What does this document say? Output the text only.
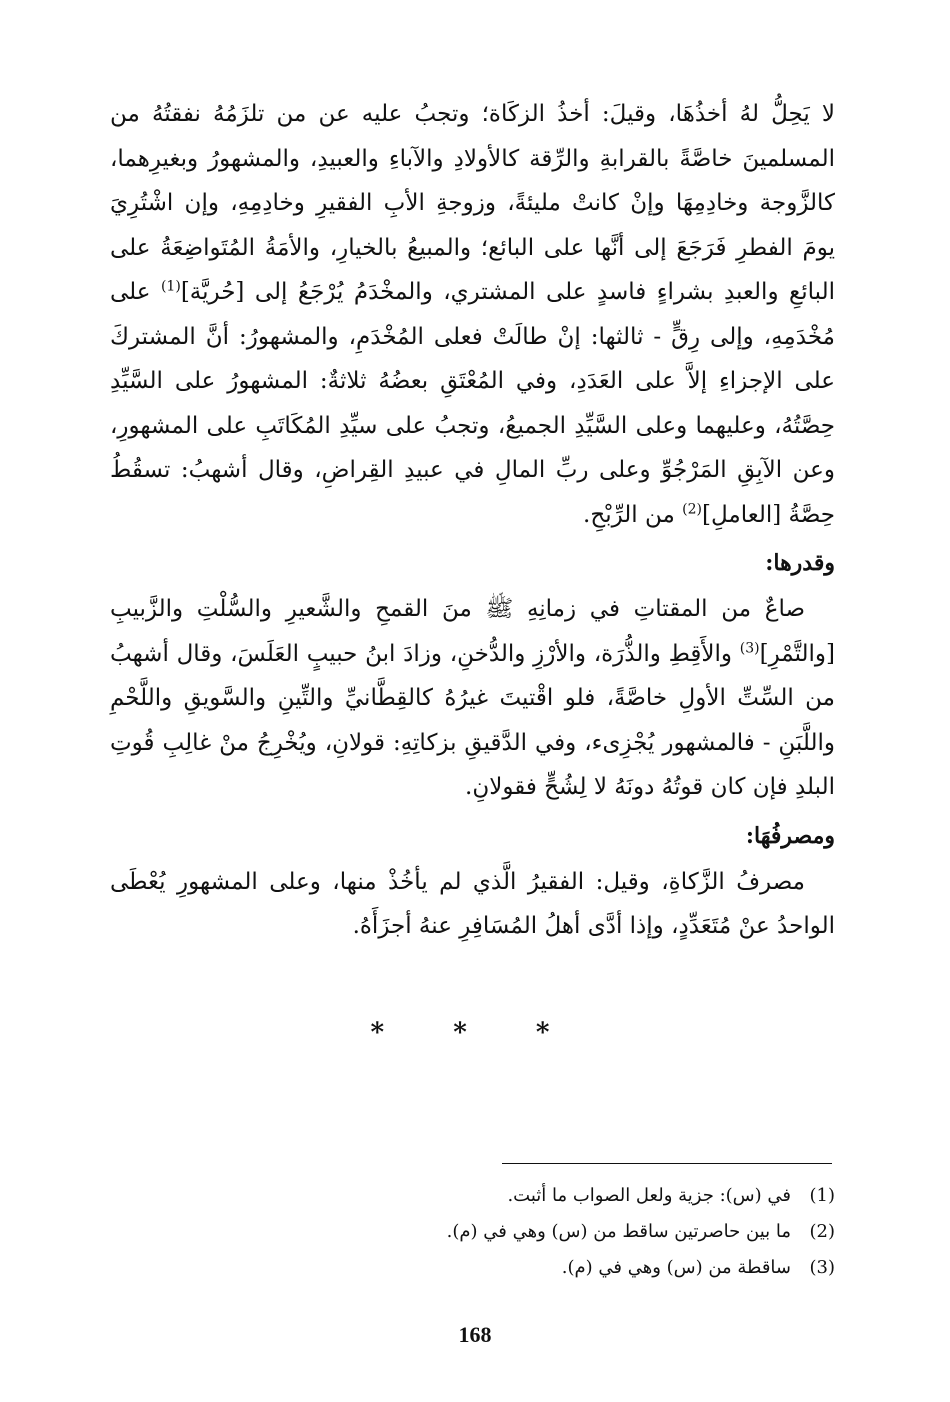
لا يَحِلُّ لهُ أخذُهَا، وقيلَ: أخذُ الزكَاة؛ وتجبُ عليه عن من تلزَمُهُ نفقتُهُ من المسلمينَ خاصَّةً بالقرابةِ والرِّقة كالأولادِ والآباءِ والعبيدِ، والمشهورُ وبغيرِهما، كالزَّوجة وخادِمِهَا وإنْ كانتْ مليئةً، وزوجةِ الأبِ الفقيرِ وخادِمِهِ، وإن اشْتُرِيَ يومَ الفطرِ فَرَجَعَ إلى أنَّها على البائع؛ والمبيعُ بالخيارِ، والأمَةُ المُتَواضِعَةُ على البائعِ والعبدِ بشراءٍ فاسدٍ على المشتري، والمخْدَمُ يُرْجَعُ إلى [حُريَّة]$^{(1)}$ على مُخْدَمِهِ، وإلى رِقٍّ - ثالثها: إنْ طالَتْ فعلى المُخْدَمِ، والمشهورُ: أنَّ المشتركَ على الإجزاءِ إلاَّ على العَدَدِ، وفي المُعْتَقِ بعضُهُ ثلاثةٌ: المشهورُ على السَّيِّدِ حِصَّتُهُ، وعليهما وعلى السَّيِّدِ الجميعُ، وتجبُ على سيِّدِ المُكَاتَبِ على المشهورِ، وعن الآبِقِ المَرْجُوِّ وعلى ربِّ المالِ في عبيدِ القِراضِ، وقال أشهبُ: تسقُطُ حِصَّةُ [العاملِ]$^{(2)}$ من الرِّبْحِ.

وقدرها:

صاعٌ من المقتاتِ في زمانِهِ ﷺ منَ القمحِ والشَّعيرِ والسُّلْتِ والزَّبيبِ [والتَّمْرِ]$^{(3)}$ والأَقِطِ والذُّرَة، والأرْزِ والدُّخنِ، وزادَ ابنُ حبيبٍ العَلَسَ، وقال أشهبُ من السِّتِّ الأولِ خاصَّةً، فلو اقْتيتَ غيرُهُ كالقِطَّانيِّ والتِّينِ والسَّويقِ واللَّحْمِ واللَّبَنِ - فالمشهور يُجْزِىء، وفي الدَّقيقِ بزكاتِهِ: قولانِ، ويُخْرِجُ منْ غالِبِ قُوتِ البلدِ فإن كان قوتُهُ دونَهُ لا لِشُحٍّ فقولانِ.

ومصرفُهَا:

مصرفُ الزَّكاةِ، وقيل: الفقيرُ الَّذي لم يأخُذْ منها، وعلى المشهورِ يُعْطَى الواحدُ عنْ مُتَعَدِّدٍ، وإذا أدَّى أهلُ المُسَافِرِ عنهُ أجزَأَهُ.

* * *
(1)
في (س): جزية ولعل الصواب ما أثبت.
(2)
ما بين حاصرتين ساقط من (س) وهي في (م).
(3)
ساقطة من (س) وهي في (م).
168
